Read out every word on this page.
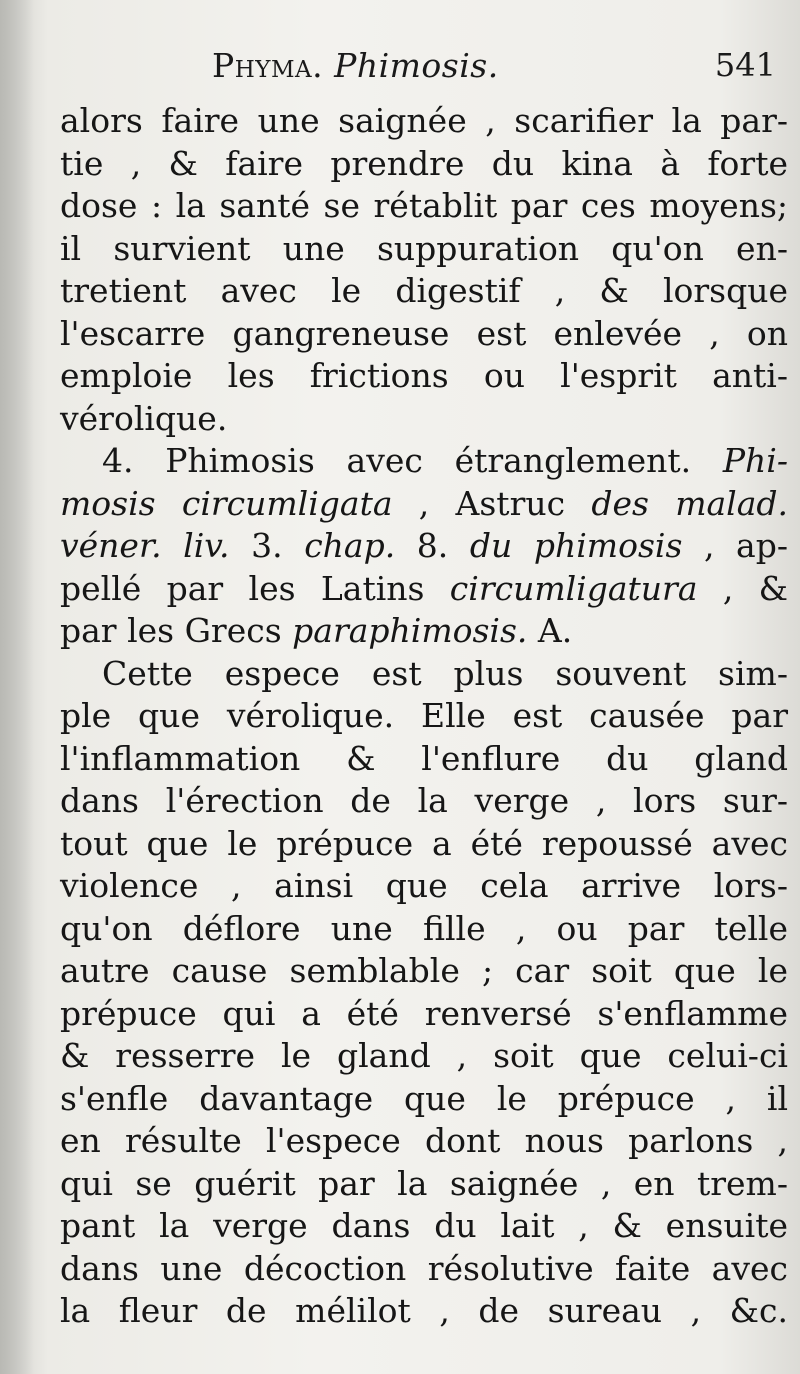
Phyma. Phimosis.	541
alors faire une saignée , scarifier la par-
tie , & faire prendre du kina à forte
dose : la santé se rétablit par ces moyens;
il survient une suppuration qu'on en-
tretient avec le digestif , & lorsque
l'escarre gangreneuse est enlevée , on
emploie les frictions ou l'esprit anti-
vérolique.
4. Phimosis avec étranglement. Phi-
mosis circumligata , Astruc des malad.
véner. liv. 3. chap. 8. du phimosis , ap-
pellé par les Latins circumligatura , &
par les Grecs paraphimosis. A.
Cette espece est plus souvent sim-
ple que vérolique. Elle est causée par
l'inflammation & l'enflure du gland
dans l'érection de la verge , lors sur-
tout que le prépuce a été repoussé avec
violence , ainsi que cela arrive lors-
qu'on déflore une fille , ou par telle
autre cause semblable ; car soit que le
prépuce qui a été renversé s'enflamme
& resserre le gland , soit que celui-ci
s'enfle davantage que le prépuce , il
en résulte l'espece dont nous parlons ,
qui se guérit par la saignée , en trem-
pant la verge dans du lait , & ensuite
dans une décoction résolutive faite avec
la fleur de mélilot , de sureau , &c.
